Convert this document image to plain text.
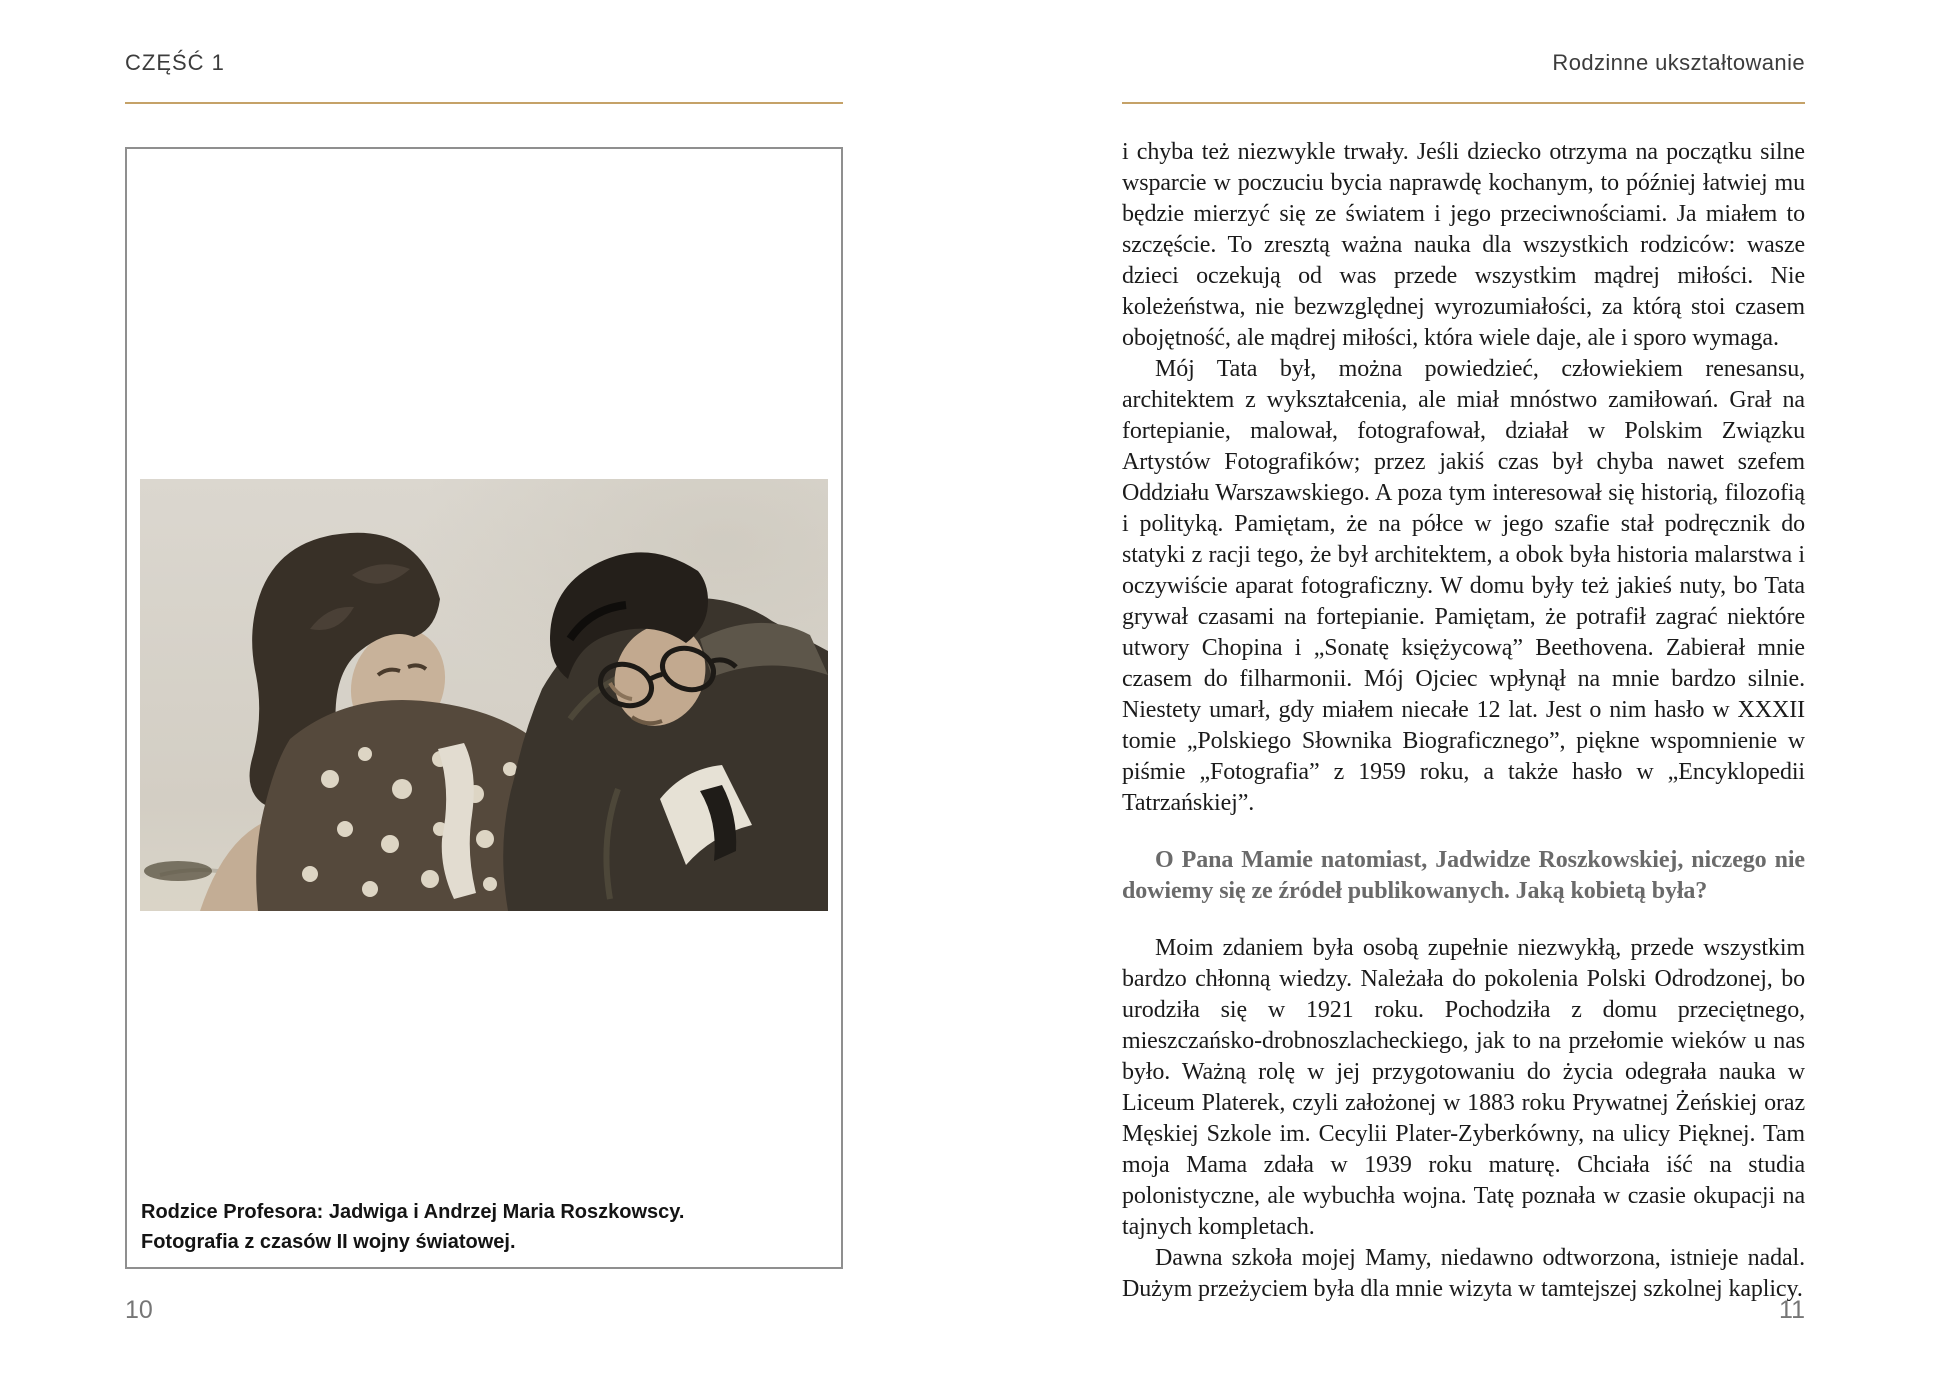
CZĘŚĆ 1
Rodzice Profesora: Jadwiga i Andrzej Maria Roszkowscy.
Fotografia z czasów II wojny światowej.
10
Rodzinne ukształtowanie

i chyba też niezwykle trwały. Jeśli dziecko otrzyma na początku silne wsparcie w poczuciu bycia naprawdę kochanym, to później łatwiej mu będzie mierzyć się ze światem i jego przeciwnościami. Ja miałem to szczęście. To zresztą ważna nauka dla wszystkich rodziców: wasze dzieci oczekują od was przede wszystkim mądrej miłości. Nie koleżeństwa, nie bezwzględnej wyrozumiałości, za którą stoi czasem obojętność, ale mądrej miłości, która wiele daje, ale i sporo wymaga.

Mój Tata był, można powiedzieć, człowiekiem renesansu, architektem z wykształcenia, ale miał mnóstwo zamiłowań. Grał na fortepianie, malował, fotografował, działał w Polskim Związku Artystów Fotografików; przez jakiś czas był chyba nawet szefem Oddziału Warszawskiego. A poza tym interesował się historią, filozofią i polityką. Pamiętam, że na półce w jego szafie stał podręcznik do statyki z racji tego, że był architektem, a obok była historia malarstwa i oczywiście aparat fotograficzny. W domu były też jakieś nuty, bo Tata grywał czasami na fortepianie. Pamiętam, że potrafił zagrać niektóre utwory Chopina i „Sonatę księżycową” Beethovena. Zabierał mnie czasem do filharmonii. Mój Ojciec wpłynął na mnie bardzo silnie. Niestety umarł, gdy miałem niecałe 12 lat. Jest o nim hasło w XXXII tomie „Polskiego Słownika Biograficznego”, piękne wspomnienie w piśmie „Fotografia” z 1959 roku, a także hasło w „Encyklopedii Tatrzańskiej”.

O Pana Mamie natomiast, Jadwidze Roszkowskiej, niczego nie dowiemy się ze źródeł publikowanych. Jaką kobietą była?

Moim zdaniem była osobą zupełnie niezwykłą, przede wszystkim bardzo chłonną wiedzy. Należała do pokolenia Polski Odrodzonej, bo urodziła się w 1921 roku. Pochodziła z domu przeciętnego, mieszczańsko-drobnoszlacheckiego, jak to na przełomie wieków u nas było. Ważną rolę w jej przygotowaniu do życia odegrała nauka w Liceum Platerek, czyli założonej w 1883 roku Prywatnej Żeńskiej oraz Męskiej Szkole im. Cecylii Plater-Zyberkówny, na ulicy Pięknej. Tam moja Mama zdała w 1939 roku maturę. Chciała iść na studia polonistyczne, ale wybuchła wojna. Tatę poznała w czasie okupacji na tajnych kompletach.

Dawna szkoła mojej Mamy, niedawno odtworzona, istnieje nadal. Dużym przeżyciem była dla mnie wizyta w tamtejszej szkolnej kaplicy.

11
